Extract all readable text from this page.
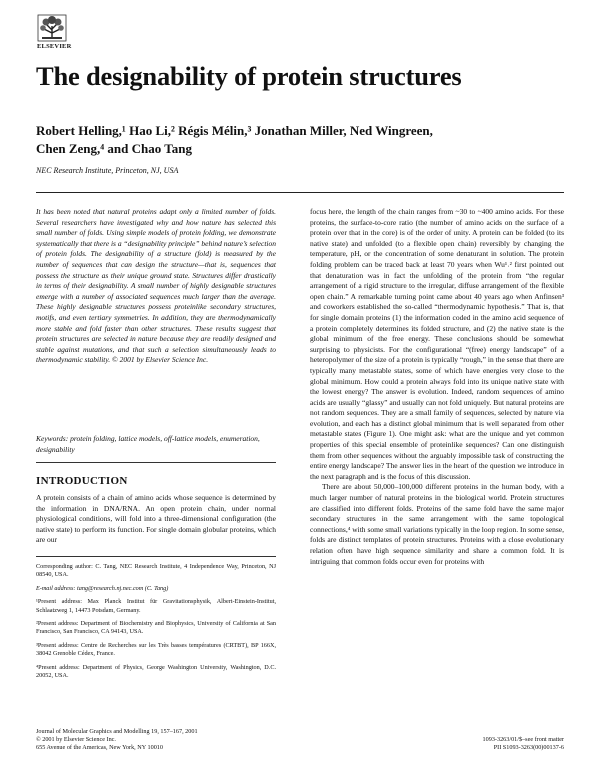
ELSEVIER
The designability of protein structures

Robert Helling,¹ Hao Li,² Régis Mélin,³ Jonathan Miller, Ned Wingreen, Chen Zeng,⁴ and Chao Tang

NEC Research Institute, Princeton, NJ, USA

It has been noted that natural proteins adapt only a limited number of folds. Several researchers have investigated why and how nature has selected this small number of folds. Using simple models of protein folding, we demonstrate systematically that there is a “designability principle” behind nature’s selection of protein folds. The designability of a structure (fold) is measured by the number of sequences that can design the structure—that is, sequences that possess the structure as their unique ground state. Structures differ drastically in terms of their designability. A small number of highly designable structures emerge with a number of associated sequences much larger than the average. These highly designable structures possess proteinlike secondary structures, motifs, and even tertiary symmetries. In addition, they are thermodynamically more stable and fold faster than other structures. These results suggest that protein structures are selected in nature because they are readily designed and stable against mutations, and that such a selection simultaneously leads to thermodynamic stability. © 2001 by Elsevier Science Inc.

Keywords: protein folding, lattice models, off-lattice models, enumeration, designability

INTRODUCTION

A protein consists of a chain of amino acids whose sequence is determined by the information in DNA/RNA. An open protein chain, under normal physiological conditions, will fold into a three-dimensional configuration (the native state) to perform its function. For single domain globular proteins, which are our

Corresponding author: C. Tang, NEC Research Institute, 4 Independence Way, Princeton, NJ 08540, USA.

E-mail address: tang@research.nj.nec.com (C. Tang)

¹Present address: Max Planck Institut für Gravitationsphysik, Albert-Einstein-Institut, Schlaatzweg 1, 14473 Potsdam, Germany.

²Present address: Department of Biochemistry and Biophysics, University of California at San Francisco, San Francisco, CA 94143, USA.

³Present address: Centre de Recherches sur les Très basses températures (CRTBT), BP 166X, 38042 Grenoble Cédex, France.

⁴Present address: Department of Physics, George Washington University, Washington, D.C. 20052, USA.

focus here, the length of the chain ranges from ~30 to ~400 amino acids. For these proteins, the surface-to-core ratio (the number of amino acids on the surface of a protein over that in the core) is of the order of unity. A protein can be folded (to its native state) and unfolded (to a flexible open chain) reversibly by changing the temperature, pH, or the concentration of some denaturant in solution. The protein folding problem can be traced back at least 70 years when Wu¹˒² first pointed out that denaturation was in fact the unfolding of the protein from “the regular arrangement of a rigid structure to the irregular, diffuse arrangement of the flexible open chain.” A remarkable turning point came about 40 years ago when Anfinsen³ and coworkers established the so-called “thermodynamic hypothesis.” That is, that for single domain proteins (1) the information coded in the amino acid sequence of a protein completely determines its folded structure, and (2) the native state is the global minimum of the free energy. These conclusions should be somewhat surprising to physicists. For the configurational “(free) energy landscape” of a heteropolymer of the size of a protein is typically “rough,” in the sense that there are typically many metastable states, some of which have energies very close to the global minimum. How could a protein always fold into its unique native state with the lowest energy? The answer is evolution. Indeed, random sequences of amino acids are usually “glassy” and usually can not fold uniquely. But natural proteins are not random sequences. They are a small family of sequences, selected by nature via evolution, and each has a distinct global minimum that is well separated from other metastable states (Figure 1). One might ask: what are the unique and yet common properties of this special ensemble of proteinlike sequences? Can one distinguish them from other sequences without the arguably impossible task of constructing the entire energy landscape? The answer lies in the heart of the question we introduce in the next paragraph and is the focus of this discussion.

There are about 50,000–100,000 different proteins in the human body, with a much larger number of natural proteins in the biological world. Protein structures are classified into different folds. Proteins of the same fold have the same major secondary structures in the same arrangement with the same topological connections,⁴ with some small variations typically in the loop region. In some sense, folds are distinct templates of protein structures. Proteins with a close evolutionary relation often have high sequence similarity and share a common fold. It is intriguing that common folds occur even for proteins with

Journal of Molecular Graphics and Modelling 19, 157–167, 2001
© 2001 by Elsevier Science Inc.
655 Avenue of the Americas, New York, NY 10010
1093-3263/01/$–see front matter
PII S1093-3263(00)00137-6
